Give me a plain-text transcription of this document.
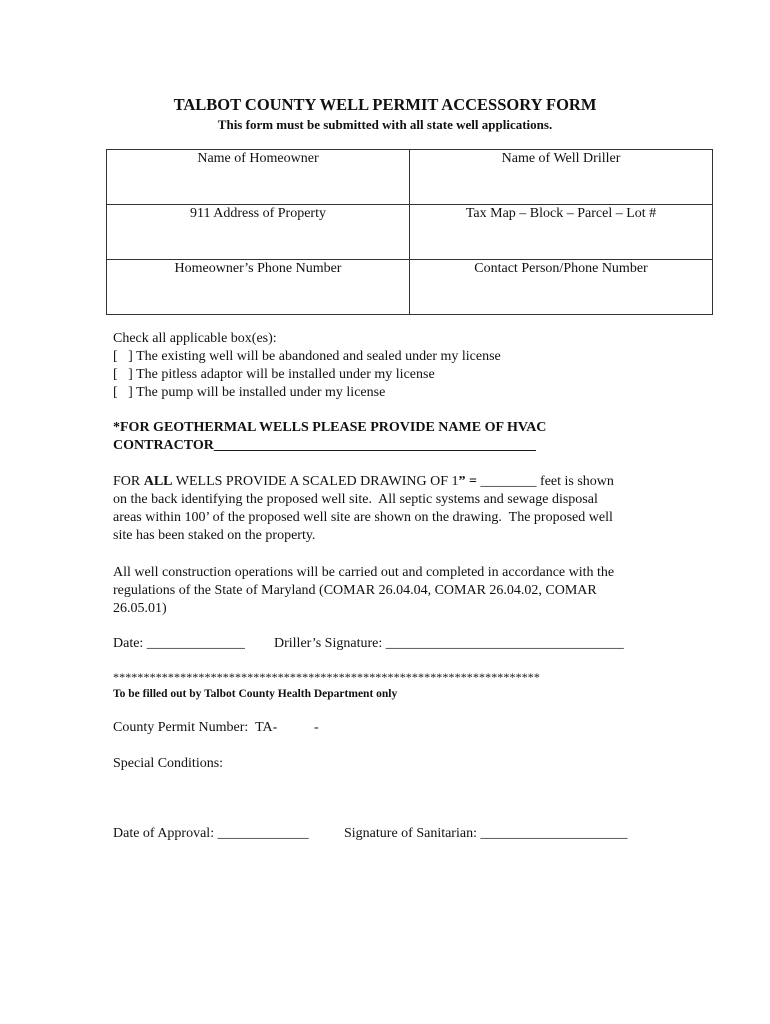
TALBOT COUNTY WELL PERMIT ACCESSORY FORM
This form must be submitted with all state well applications.
Name of Homeowner	Name of Well Driller
911 Address of Property	Tax Map – Block – Parcel – Lot #
Homeowner’s Phone Number	Contact Person/Phone Number
Check all applicable box(es):
[   ] The existing well will be abandoned and sealed under my license
[   ] The pitless adaptor will be installed under my license
[   ] The pump will be installed under my license
*FOR GEOTHERMAL WELLS PLEASE PROVIDE NAME OF HVAC
CONTRACTOR______________________________________________
FOR ALL WELLS PROVIDE A SCALED DRAWING OF 1” = ________ feet is shown
on the back identifying the proposed well site.  All septic systems and sewage disposal
areas within 100’ of the proposed well site are shown on the drawing.  The proposed well
site has been staked on the property.
All well construction operations will be carried out and completed in accordance with the
regulations of the State of Maryland (COMAR 26.04.04, COMAR 26.04.02, COMAR
26.05.01)
Date: ______________ Driller’s Signature: __________________________________
**********************************************************************
To be filled out by Talbot County Health Department only
County Permit Number:  TA-	-
Special Conditions:
Date of Approval: _____________	Signature of Sanitarian: _____________________
